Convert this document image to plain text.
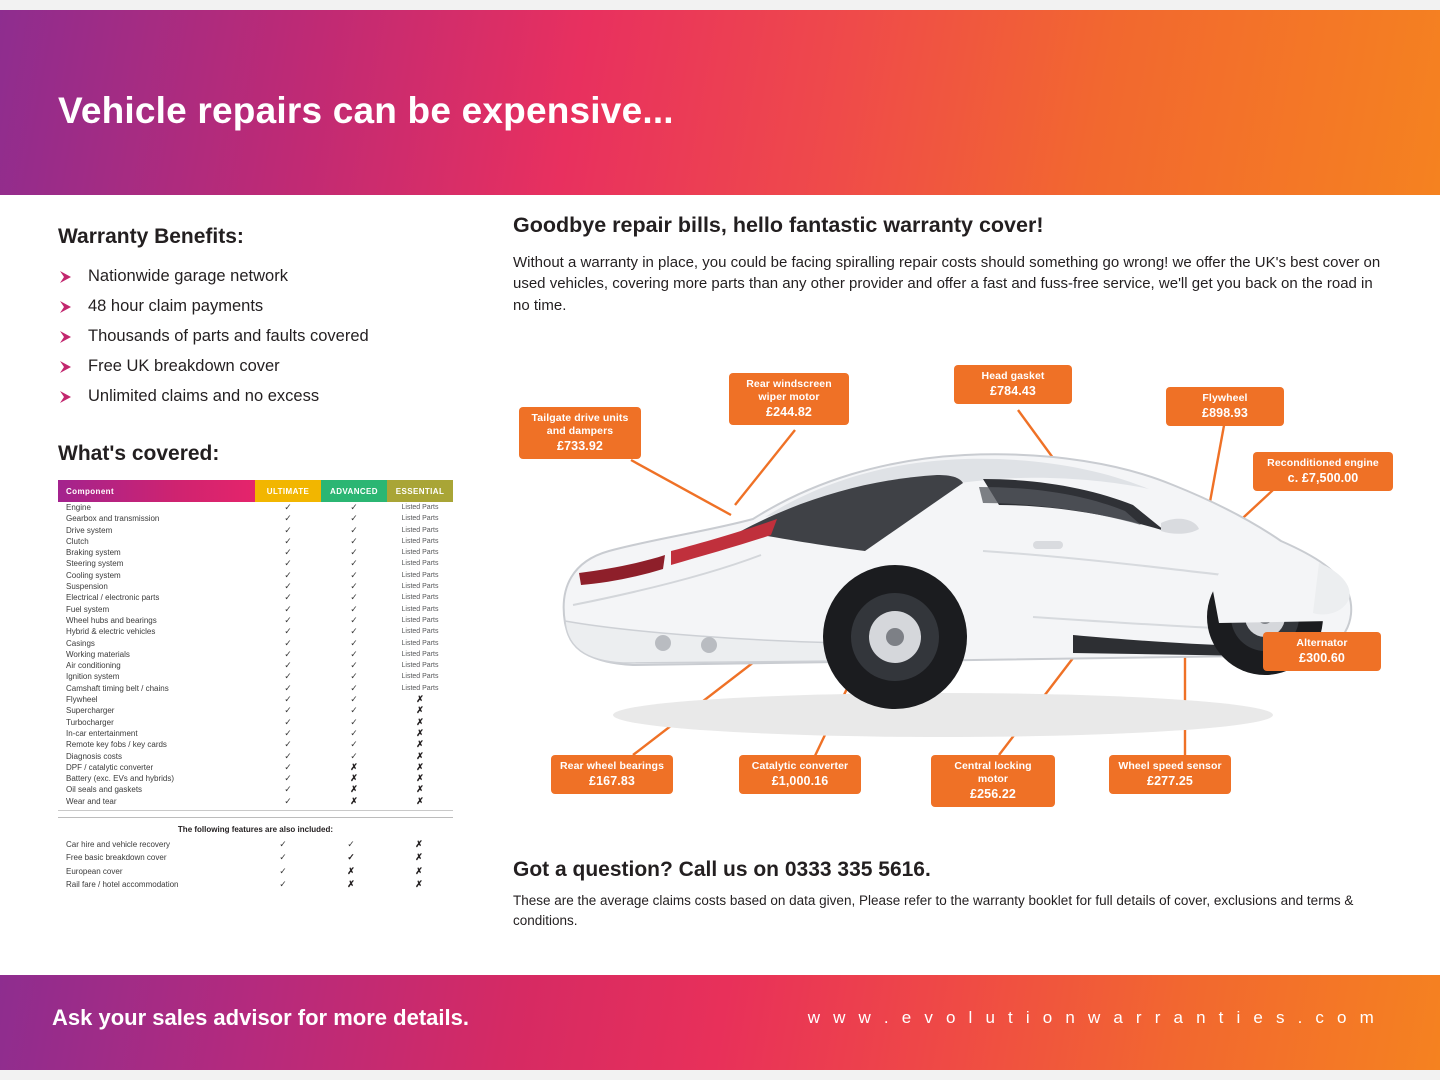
Vehicle repairs can be expensive...
Warranty Benefits:
Nationwide garage network
48 hour claim payments
Thousands of parts and faults covered
Free UK breakdown cover
Unlimited claims and no excess
What's covered:
Component	ULTIMATE	ADVANCED	ESSENTIAL
Engine	✓	✓	Listed Parts
Gearbox and transmission	✓	✓	Listed Parts
Drive system	✓	✓	Listed Parts
Clutch	✓	✓	Listed Parts
Braking system	✓	✓	Listed Parts
Steering system	✓	✓	Listed Parts
Cooling system	✓	✓	Listed Parts
Suspension	✓	✓	Listed Parts
Electrical / electronic parts	✓	✓	Listed Parts
Fuel system	✓	✓	Listed Parts
Wheel hubs and bearings	✓	✓	Listed Parts
Hybrid & electric vehicles	✓	✓	Listed Parts
Casings	✓	✓	Listed Parts
Working materials	✓	✓	Listed Parts
Air conditioning	✓	✓	Listed Parts
Ignition system	✓	✓	Listed Parts
Camshaft timing belt / chains	✓	✓	Listed Parts
Flywheel	✓	✓	✗
Supercharger	✓	✓	✗
Turbocharger	✓	✓	✗
In-car entertainment	✓	✓	✗
Remote key fobs / key cards	✓	✓	✗
Diagnosis costs	✓	✓	✗
DPF / catalytic converter	✓	✗	✗
Battery (exc. EVs and hybrids)	✓	✗	✗
Oil seals and gaskets	✓	✗	✗
Wear and tear	✓	✗	✗
The following features are also included:
Car hire and vehicle recovery	✓	✓	✗
Free basic breakdown cover	✓	✓	✗
European cover	✓	✗	✗
Rail fare / hotel accommodation	✓	✗	✗
Goodbye repair bills, hello fantastic warranty cover!

Without a warranty in place, you could be facing spiralling repair costs should something go wrong! we offer the UK's best cover on used vehicles, covering more parts than any other provider and offer a fast and fuss-free service, we'll get you back on the road in no time.

Tailgate drive units and dampers
£733.92
Rear windscreen wiper motor
£244.82
Head gasket
£784.43
Flywheel
£898.93
Reconditioned engine
c. £7,500.00
Alternator
£300.60
Wheel speed sensor
£277.25
Central locking motor
£256.22
Catalytic converter
£1,000.16
Rear wheel bearings
£167.83
Got a question? Call us on 0333 335 5616.

These are the average claims costs based on data given, Please refer to the warranty booklet for full details of cover, exclusions and terms & conditions.

Ask your sales advisor for more details.	w w w . e v o l u t i o n w a r r a n t i e s . c o m
